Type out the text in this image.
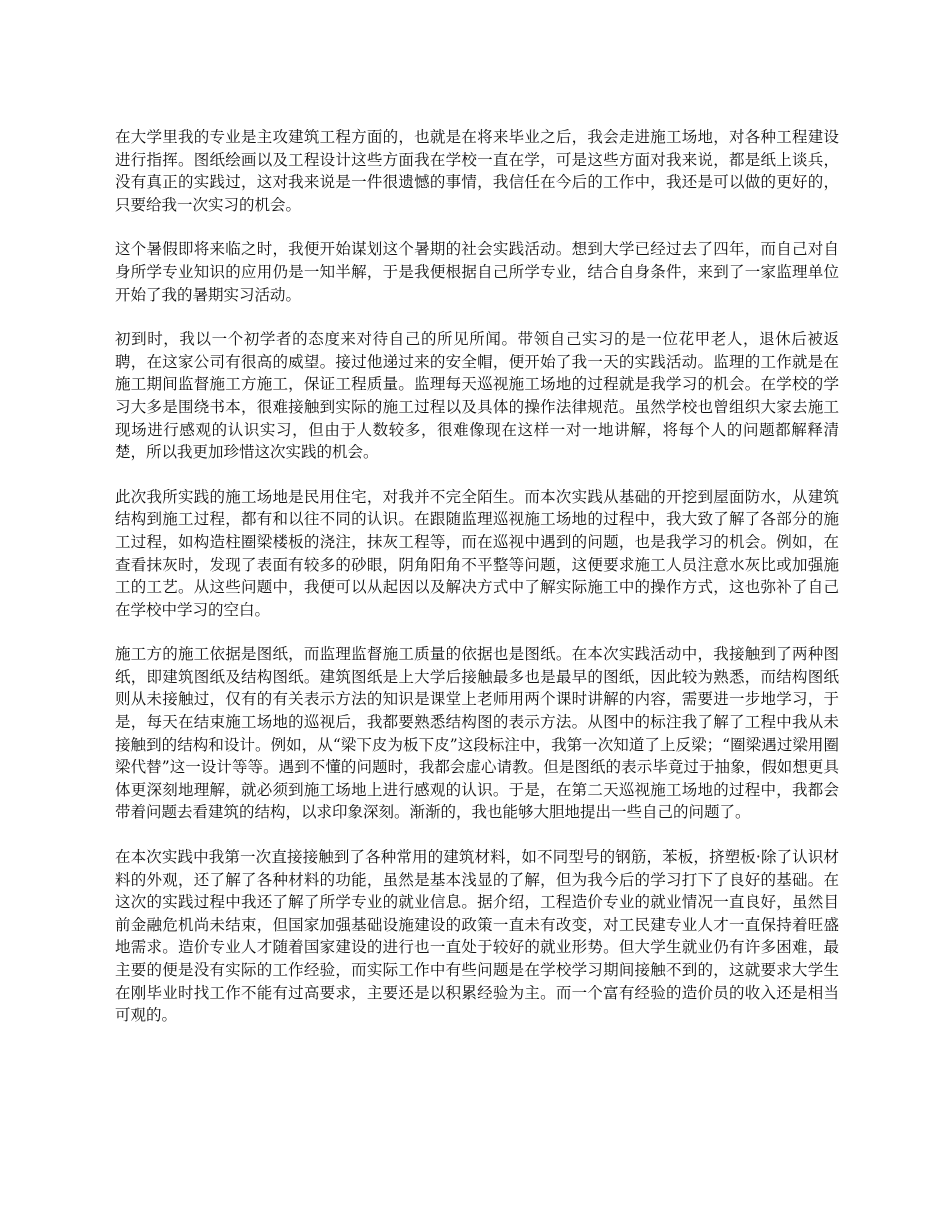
在大学里我的专业是主攻建筑工程方面的，也就是在将来毕业之后，我会走进施工场地，对各种工程建设进行指挥。图纸绘画以及工程设计这些方面我在学校一直在学，可是这些方面对我来说，都是纸上谈兵，没有真正的实践过，这对我来说是一件很遗憾的事情，我信任在今后的工作中，我还是可以做的更好的，只要给我一次实习的机会。

这个暑假即将来临之时，我便开始谋划这个暑期的社会实践活动。想到大学已经过去了四年，而自己对自身所学专业知识的应用仍是一知半解，于是我便根据自己所学专业，结合自身条件，来到了一家监理单位开始了我的暑期实习活动。

初到时，我以一个初学者的态度来对待自己的所见所闻。带领自己实习的是一位花甲老人，退休后被返聘，在这家公司有很高的威望。接过他递过来的安全帽，便开始了我一天的实践活动。监理的工作就是在施工期间监督施工方施工，保证工程质量。监理每天巡视施工场地的过程就是我学习的机会。在学校的学习大多是围绕书本，很难接触到实际的施工过程以及具体的操作法律规范。虽然学校也曾组织大家去施工现场进行感观的认识实习，但由于人数较多，很难像现在这样一对一地讲解，将每个人的问题都解释清楚，所以我更加珍惜这次实践的机会。

此次我所实践的施工场地是民用住宅，对我并不完全陌生。而本次实践从基础的开挖到屋面防水，从建筑结构到施工过程，都有和以往不同的认识。在跟随监理巡视施工场地的过程中，我大致了解了各部分的施工过程，如构造柱圈梁楼板的浇注，抹灰工程等，而在巡视中遇到的问题，也是我学习的机会。例如，在查看抹灰时，发现了表面有较多的砂眼，阴角阳角不平整等问题，这便要求施工人员注意水灰比或加强施工的工艺。从这些问题中，我便可以从起因以及解决方式中了解实际施工中的操作方式，这也弥补了自己在学校中学习的空白。

施工方的施工依据是图纸，而监理监督施工质量的依据也是图纸。在本次实践活动中，我接触到了两种图纸，即建筑图纸及结构图纸。建筑图纸是上大学后接触最多也是最早的图纸，因此较为熟悉，而结构图纸则从未接触过，仅有的有关表示方法的知识是课堂上老师用两个课时讲解的内容，需要进一步地学习，于是，每天在结束施工场地的巡视后，我都要熟悉结构图的表示方法。从图中的标注我了解了工程中我从未接触到的结构和设计。例如，从“梁下皮为板下皮”这段标注中，我第一次知道了上反梁；“圈梁遇过梁用圈梁代替”这一设计等等。遇到不懂的问题时，我都会虚心请教。但是图纸的表示毕竟过于抽象，假如想更具体更深刻地理解，就必须到施工场地上进行感观的认识。于是，在第二天巡视施工场地的过程中，我都会带着问题去看建筑的结构，以求印象深刻。渐渐的，我也能够大胆地提出一些自己的问题了。

在本次实践中我第一次直接接触到了各种常用的建筑材料，如不同型号的钢筋，苯板，挤塑板·除了认识材料的外观，还了解了各种材料的功能，虽然是基本浅显的了解，但为我今后的学习打下了良好的基础。在这次的实践过程中我还了解了所学专业的就业信息。据介绍，工程造价专业的就业情况一直良好，虽然目前金融危机尚未结束，但国家加强基础设施建设的政策一直未有改变，对工民建专业人才一直保持着旺盛地需求。造价专业人才随着国家建设的进行也一直处于较好的就业形势。但大学生就业仍有许多困难，最主要的便是没有实际的工作经验，而实际工作中有些问题是在学校学习期间接触不到的，这就要求大学生在刚毕业时找工作不能有过高要求，主要还是以积累经验为主。而一个富有经验的造价员的收入还是相当可观的。
